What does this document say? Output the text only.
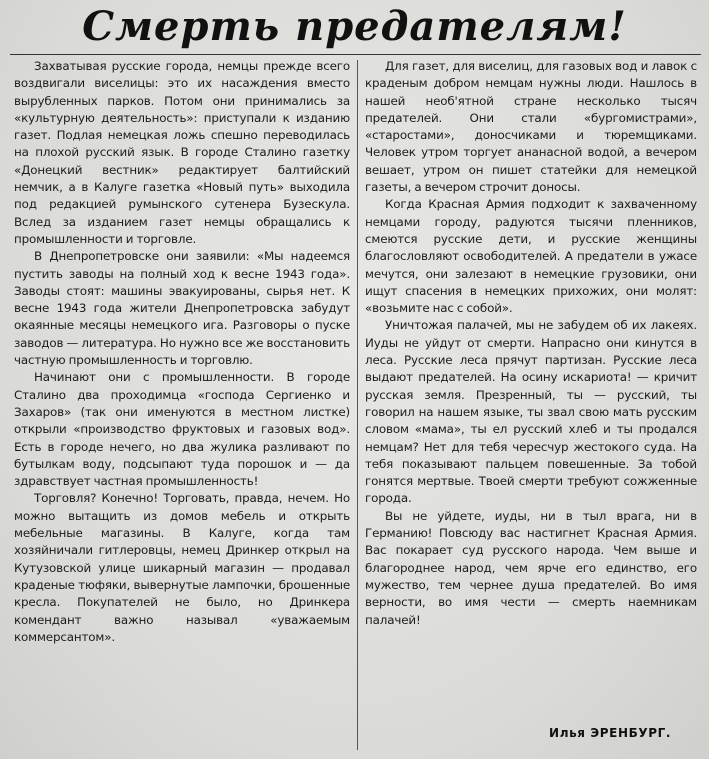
Смерть предателям!

Захватывая русские города, немцы прежде всего воздвигали виселицы: это их насаждения вместо вырубленных парков. Потом они принимались за «культурную деятельность»: приступали к изданию газет. Подлая немецкая ложь спешно переводилась на плохой русский язык. В городе Сталино газетку «Донецкий вестник» редактирует балтийский немчик, а в Калуге газетка «Новый путь» выходила под редакцией румынского сутенера Бузескула. Вслед за изданием газет немцы обращались к промышленности и торговле.

В Днепропетровске они заявили: «Мы надеемся пустить заводы на полный ход к весне 1943 года». Заводы стоят: машины эвакуированы, сырья нет. К весне 1943 года жители Днепропетровска забудут окаянные месяцы немецкого ига. Разговоры о пуске заводов — литература. Но нужно все же восстановить частную промышленность и торговлю.

Начинают они с промышленности. В городе Сталино два проходимца «господа Сергиенко и Захаров» (так они именуются в местном листке) открыли «производство фруктовых и газовых вод». Есть в городе нечего, но два жулика разливают по бутылкам воду, подсыпают туда порошок и — да здравствует частная промышленность!

Торговля? Конечно! Торговать, правда, нечем. Но можно вытащить из домов мебель и открыть мебельные магазины. В Калуге, когда там хозяйничали гитлеровцы, немец Дринкер открыл на Кутузовской улице шикарный магазин — продавал краденые тюфяки, вывернутые лампочки, брошенные кресла. Покупателей не было, но Дринкера комендант важно называл «уважаемым коммерсантом».

Для газет, для виселиц, для газовых вод и лавок с краденым добром немцам нужны люди. Нашлось в нашей необ'ятной стране несколько тысяч предателей. Они стали «бургомистрами», «старостами», доносчиками и тюремщиками. Человек утром торгует ананасной водой, а вечером вешает, утром он пишет статейки для немецкой газеты, а вечером строчит доносы.

Когда Красная Армия подходит к захваченному немцами городу, радуются тысячи пленников, смеются русские дети, и русские женщины благословляют освободителей. А предатели в ужасе мечутся, они залезают в немецкие грузовики, они ищут спасения в немецких прихожих, они молят: «возьмите нас с собой».

Уничтожая палачей, мы не забудем об их лакеях. Иуды не уйдут от смерти. Напрасно они кинутся в леса. Русские леса прячут партизан. Русские леса выдают предателей. На осину искариота! — кричит русская земля. Презренный, ты — русский, ты говорил на нашем языке, ты звал свою мать русским словом «мама», ты ел русский хлеб и ты продался немцам? Нет для тебя чересчур жестокого суда. На тебя показывают пальцем повешенные. За тобой гонятся мертвые. Твоей смерти требуют сожженные города.

Вы не уйдете, иуды, ни в тыл врага, ни в Германию! Повсюду вас настигнет Красная Армия. Вас покарает суд русского народа. Чем выше и благороднее народ, чем ярче его единство, его мужество, тем чернее душа предателей. Во имя верности, во имя чести — смерть наемникам палачей!

Илья ЭРЕНБУРГ.
